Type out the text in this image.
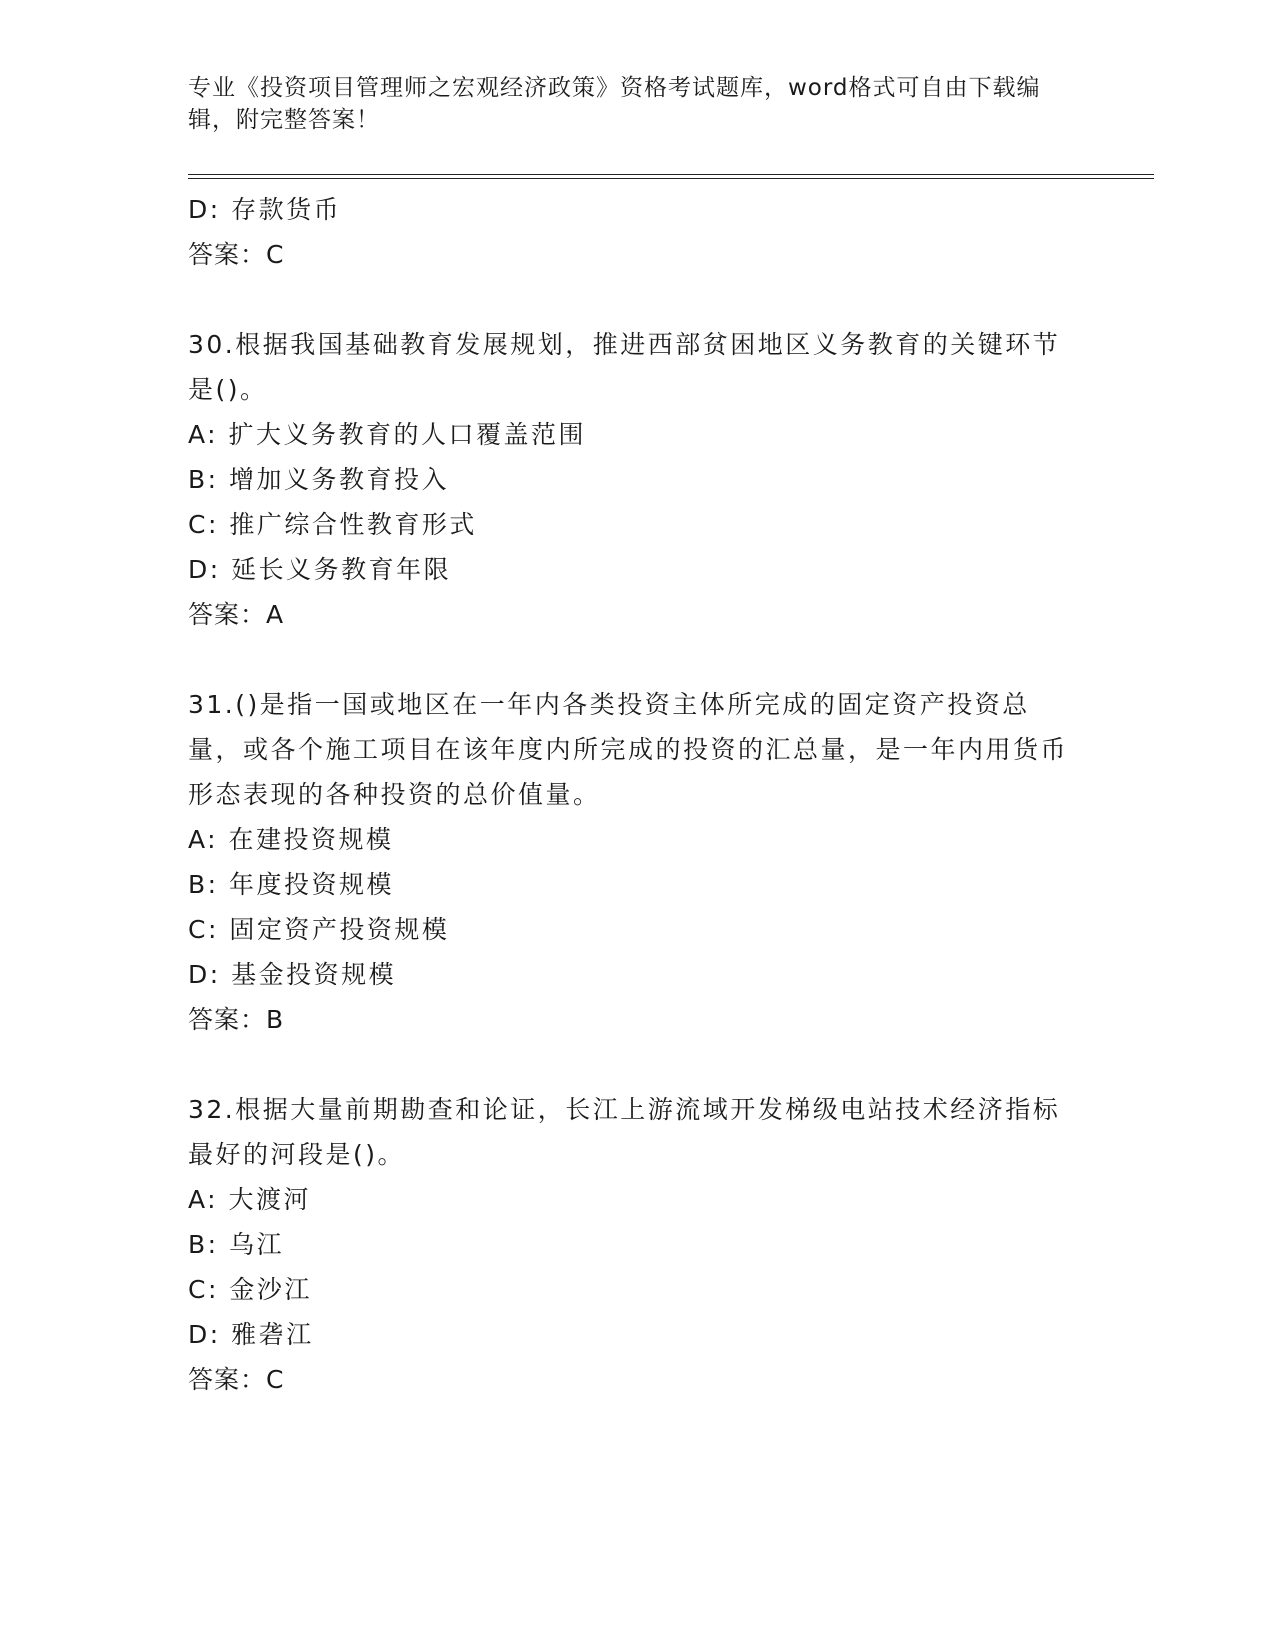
专业《投资项目管理师之宏观经济政策》资格考试题库，word格式可自由下载编辑，附完整答案！

D: 存款货币

答案：C

30.根据我国基础教育发展规划，推进西部贫困地区义务教育的关键环节是()。

A: 扩大义务教育的人口覆盖范围

B: 增加义务教育投入

C: 推广综合性教育形式

D: 延长义务教育年限

答案：A

31.()是指一国或地区在一年内各类投资主体所完成的固定资产投资总量，或各个施工项目在该年度内所完成的投资的汇总量，是一年内用货币形态表现的各种投资的总价值量。

A: 在建投资规模

B: 年度投资规模

C: 固定资产投资规模

D: 基金投资规模

答案：B

32.根据大量前期勘查和论证，长江上游流域开发梯级电站技术经济指标最好的河段是()。

A: 大渡河

B: 乌江

C: 金沙江

D: 雅砻江

答案：C
